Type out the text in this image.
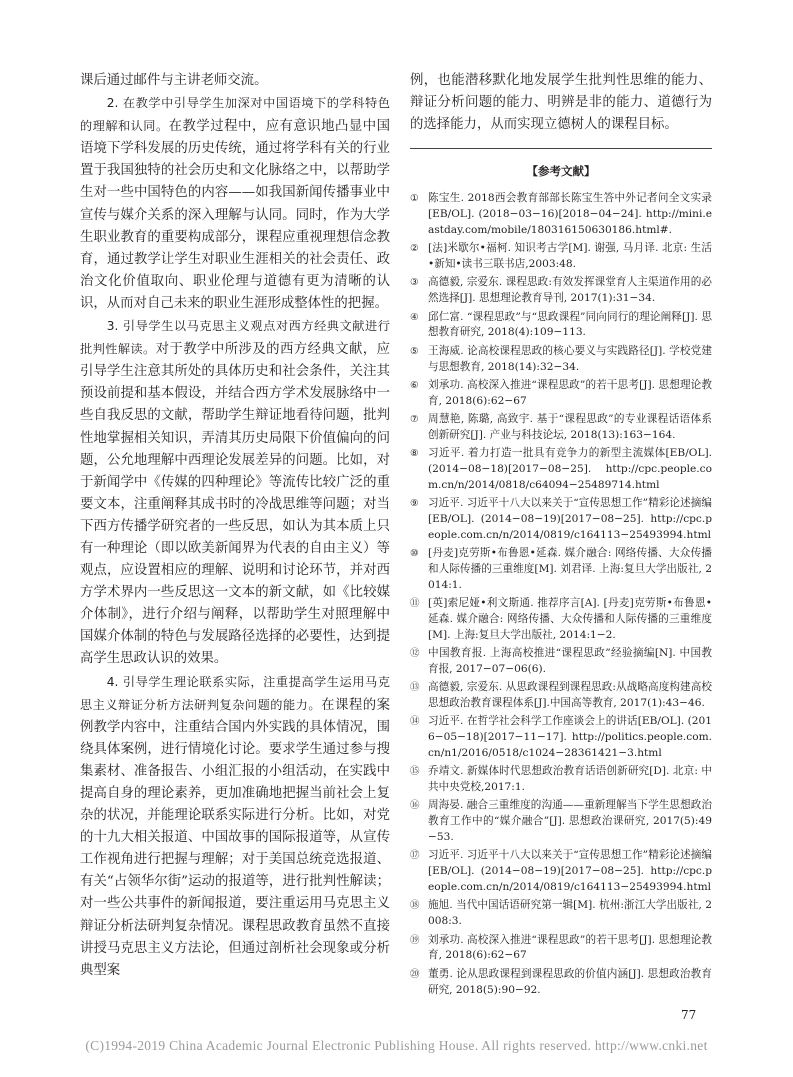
课后通过邮件与主讲老师交流。

2. 在教学中引导学生加深对中国语境下的学科特色的理解和认同。在教学过程中，应有意识地凸显中国语境下学科发展的历史传统，通过将学科有关的行业置于我国独特的社会历史和文化脉络之中，以帮助学生对一些中国特色的内容——如我国新闻传播事业中宣传与媒介关系的深入理解与认同。同时，作为大学生职业教育的重要构成部分，课程应重视理想信念教育，通过教学让学生对职业生涯相关的社会责任、政治文化价值取向、职业伦理与道德有更为清晰的认识，从而对自己未来的职业生涯形成整体性的把握。

3. 引导学生以马克思主义观点对西方经典文献进行批判性解读。对于教学中所涉及的西方经典文献，应引导学生注意其所处的具体历史和社会条件，关注其预设前提和基本假设，并结合西方学术发展脉络中一些自我反思的文献，帮助学生辩证地看待问题，批判性地掌握相关知识，弄清其历史局限下价值偏向的问题，公允地理解中西理论发展差异的问题。比如，对于新闻学中《传媒的四种理论》等流传比较广泛的重要文本，注重阐释其成书时的冷战思维等问题；对当下西方传播学研究者的一些反思，如认为其本质上只有一种理论（即以欧美新闻界为代表的自由主义）等观点，应设置相应的理解、说明和讨论环节，并对西方学术界内一些反思这一文本的新文献，如《比较媒介体制》，进行介绍与阐释，以帮助学生对照理解中国媒介体制的特色与发展路径选择的必要性，达到提高学生思政认识的效果。

4. 引导学生理论联系实际，注重提高学生运用马克思主义辩证分析方法研判复杂问题的能力。在课程的案例教学内容中，注重结合国内外实践的具体情况，围绕具体案例，进行情境化讨论。要求学生通过参与搜集素材、准备报告、小组汇报的小组活动，在实践中提高自身的理论素养，更加准确地把握当前社会上复杂的状况，并能理论联系实际进行分析。比如，对党的十九大相关报道、中国故事的国际报道等，从宣传工作视角进行把握与理解；对于美国总统竞选报道、有关“占领华尔街”运动的报道等，进行批判性解读；对一些公共事件的新闻报道，要注重运用马克思主义辩证分析法研判复杂情况。课程思政教育虽然不直接讲授马克思主义方法论，但通过剖析社会现象或分析典型案

例，也能潜移默化地发展学生批判性思维的能力、辩证分析问题的能力、明辨是非的能力、道德行为的选择能力，从而实现立德树人的课程目标。

【参考文献】
① 陈宝生. 2018西会教育部部长陈宝生答中外记者问全文实录[EB/OL]. (2018−03−16)[2018−04−24]. http://mini.eastday.com/mobile/180316150630186.html#.
② [法]米歇尔•福柯. 知识考古学[M]. 谢强, 马月译. 北京: 生活•新知•读书三联书店,2003:48.
③ 高德毅, 宗爱东. 课程思政:有效发挥课堂育人主渠道作用的必然选择[J]. 思想理论教育导刊, 2017(1):31−34.
④ 邱仁富. “课程思政”与“思政课程”同向同行的理论阐释[J]. 思想教育研究, 2018(4):109−113.
⑤ 王海威. 论高校课程思政的核心要义与实践路径[J]. 学校党建与思想教育, 2018(14):32−34.
⑥ 刘承功. 高校深入推进“课程思政”的若干思考[J]. 思想理论教育, 2018(6):62−67
⑦ 周慧艳, 陈璐, 高致宇. 基于“课程思政”的专业课程话语体系创新研究[J]. 产业与科技论坛, 2018(13):163−164.
⑧ 习近平. 着力打造一批具有竞争力的新型主流媒体[EB/OL]. (2014−08−18)[2017−08−25]. http://cpc.people.com.cn/n/2014/0818/c64094−25489714.html
⑨ 习近平. 习近平十八大以来关于“宣传思想工作”精彩论述摘编[EB/OL]. (2014−08−19)[2017−08−25]. http://cpc.people.com.cn/n/2014/0819/c164113−25493994.html
⑩ [丹麦]克劳斯•布鲁恩•延森. 媒介融合: 网络传播、大众传播和人际传播的三重维度[M]. 刘君译. 上海:复旦大学出版社, 2014:1.
⑪ [英]索尼娅•利文斯通. 推荐序言[A]. [丹麦]克劳斯•布鲁恩•延森. 媒介融合: 网络传播、大众传播和人际传播的三重维度[M]. 上海:复旦大学出版社, 2014:1−2.
⑫ 中国教育报. 上海高校推进“课程思政”经验摘编[N]. 中国教育报, 2017−07−06(6).
⑬ 高德毅, 宗爱东. 从思政课程到课程思政:从战略高度构建高校思想政治教育课程体系[J].中国高等教育, 2017(1):43−46.
⑭ 习近平. 在哲学社会科学工作座谈会上的讲话[EB/OL]. (2016−05−18)[2017−11−17]. http://politics.people.com.cn/n1/2016/0518/c1024−28361421−3.html
⑮ 乔靖文. 新媒体时代思想政治教育话语创新研究[D]. 北京: 中共中央党校,2017:1.
⑯ 周海晏. 融合三重维度的沟通——重新理解当下学生思想政治教育工作中的“媒介融合”[J]. 思想政治课研究, 2017(5):49−53.
⑰ 习近平. 习近平十八大以来关于“宣传思想工作”精彩论述摘编[EB/OL]. (2014−08−19)[2017−08−25]. http://cpc.people.com.cn/n/2014/0819/c164113−25493994.html
⑱ 施旭. 当代中国话语研究第一辑[M]. 杭州:浙江大学出版社, 2008:3.
⑲ 刘承功. 高校深入推进“课程思政”的若干思考[J]. 思想理论教育, 2018(6):62−67
⑳ 董勇. 论从思政课程到课程思政的价值内涵[J]. 思想政治教育研究, 2018(5):90−92.
77
(C)1994-2019 China Academic Journal Electronic Publishing House. All rights reserved. http://www.cnki.net
